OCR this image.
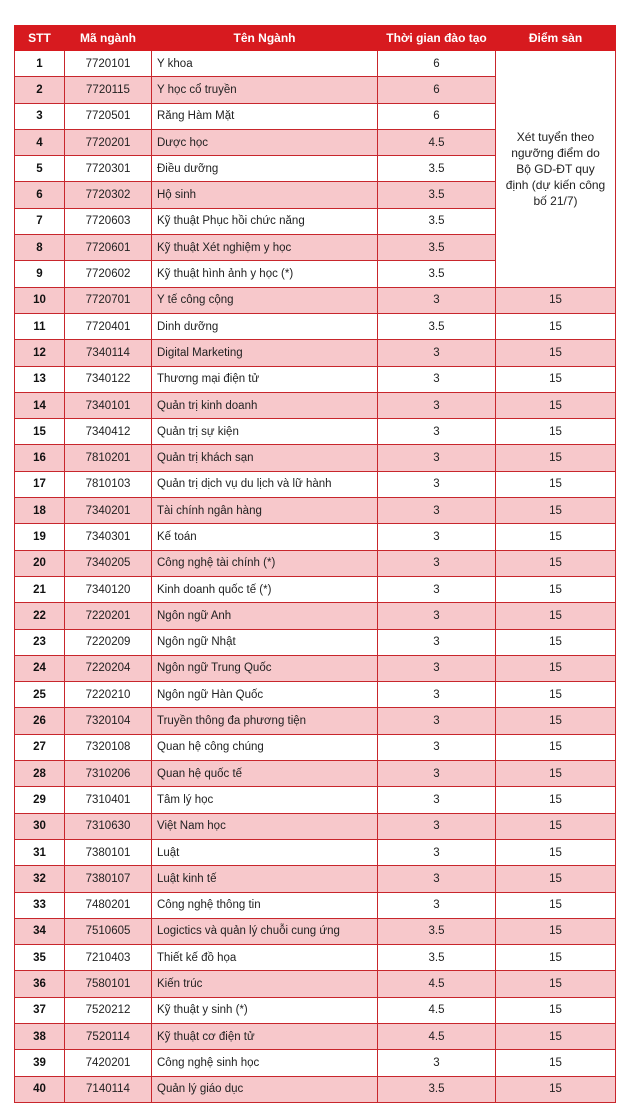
STT	Mã ngành	Tên Ngành	Thời gian đào tạo	Điểm sàn
1	7720101	Y khoa	6	Xét tuyển theo ngưỡng điểm do Bộ GD-ĐT quy định (dự kiến công bố 21/7)
2	7720115	Y học cổ truyền	6	
3	7720501	Răng Hàm Mặt	6	
4	7720201	Dược học	4.5	
5	7720301	Điều dưỡng	3.5	
6	7720302	Hộ sinh	3.5	
7	7720603	Kỹ thuật Phục hồi chức năng	3.5	
8	7720601	Kỹ thuật Xét nghiệm y học	3.5	
9	7720602	Kỹ thuật hình ảnh y học (*)	3.5	
10	7720701	Y tế công cộng	3	15
11	7720401	Dinh dưỡng	3.5	15
12	7340114	Digital Marketing	3	15
13	7340122	Thương mại điện tử	3	15
14	7340101	Quản trị kinh doanh	3	15
15	7340412	Quản trị sự kiện	3	15
16	7810201	Quản trị khách sạn	3	15
17	7810103	Quản trị dịch vụ du lịch và lữ hành	3	15
18	7340201	Tài chính ngân hàng	3	15
19	7340301	Kế toán	3	15
20	7340205	Công nghệ tài chính (*)	3	15
21	7340120	Kinh doanh quốc tế (*)	3	15
22	7220201	Ngôn ngữ Anh	3	15
23	7220209	Ngôn ngữ Nhật	3	15
24	7220204	Ngôn ngữ Trung Quốc	3	15
25	7220210	Ngôn ngữ Hàn Quốc	3	15
26	7320104	Truyền thông đa phương tiện	3	15
27	7320108	Quan hệ công chúng	3	15
28	7310206	Quan hệ quốc tế	3	15
29	7310401	Tâm lý học	3	15
30	7310630	Việt Nam học	3	15
31	7380101	Luật	3	15
32	7380107	Luật kinh tế	3	15
33	7480201	Công nghệ thông tin	3	15
34	7510605	Logictics và quản lý chuỗi cung ứng	3.5	15
35	7210403	Thiết kế đồ họa	3.5	15
36	7580101	Kiến trúc	4.5	15
37	7520212	Kỹ thuật y sinh (*)	4.5	15
38	7520114	Kỹ thuật cơ điện tử	4.5	15
39	7420201	Công nghệ sinh học	3	15
40	7140114	Quản lý giáo dục	3.5	15
